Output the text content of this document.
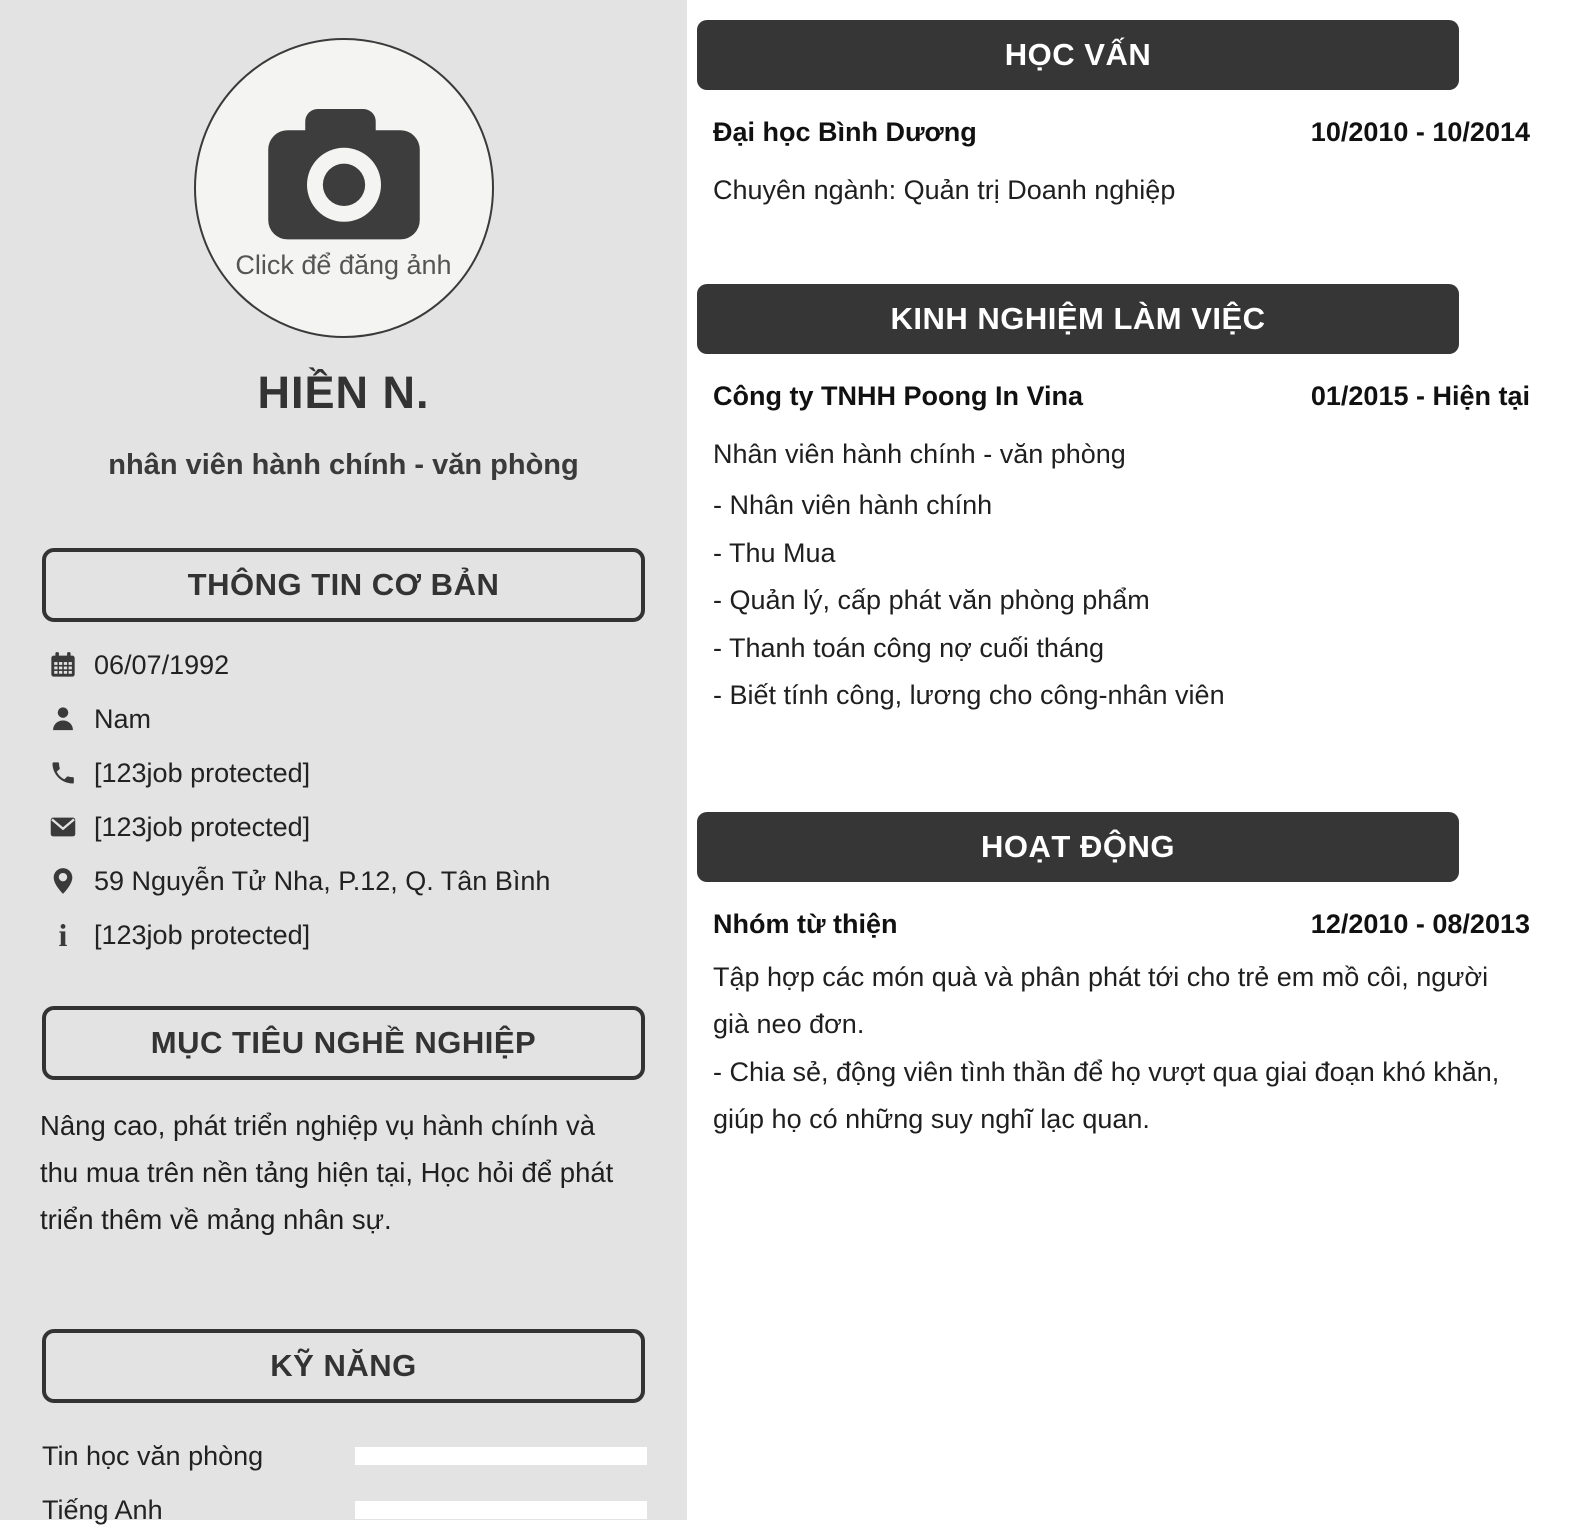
Click để đăng ảnh
HIỀN N.
nhân viên hành chính - văn phòng
THÔNG TIN CƠ BẢN
06/07/1992
Nam
[123job protected]
[123job protected]
59 Nguyễn Tử Nha, P.12, Q. Tân Bình
i [123job protected]
MỤC TIÊU NGHỀ NGHIỆP
Nâng cao, phát triển nghiệp vụ hành chính và thu mua trên nền tảng hiện tại, Học hỏi để phát triển thêm về mảng nhân sự.
KỸ NĂNG
Tin học văn phòng
Tiếng Anh
HỌC VẤN
Đại học Bình Dương	10/2010 - 10/2014
Chuyên ngành: Quản trị Doanh nghiệp
KINH NGHIỆM LÀM VIỆC
Công ty TNHH Poong In Vina	01/2015 - Hiện tại
Nhân viên hành chính - văn phòng
- Nhân viên hành chính
- Thu Mua
- Quản lý, cấp phát văn phòng phẩm
- Thanh toán công nợ cuối tháng
- Biết tính công, lương cho công-nhân viên
HOẠT ĐỘNG
Nhóm từ thiện	12/2010 - 08/2013
Tập hợp các món quà và phân phát tới cho trẻ em mồ côi, người già neo đơn.
- Chia sẻ, động viên tình thần để họ vượt qua giai đoạn khó khăn, giúp họ có những suy nghĩ lạc quan.
